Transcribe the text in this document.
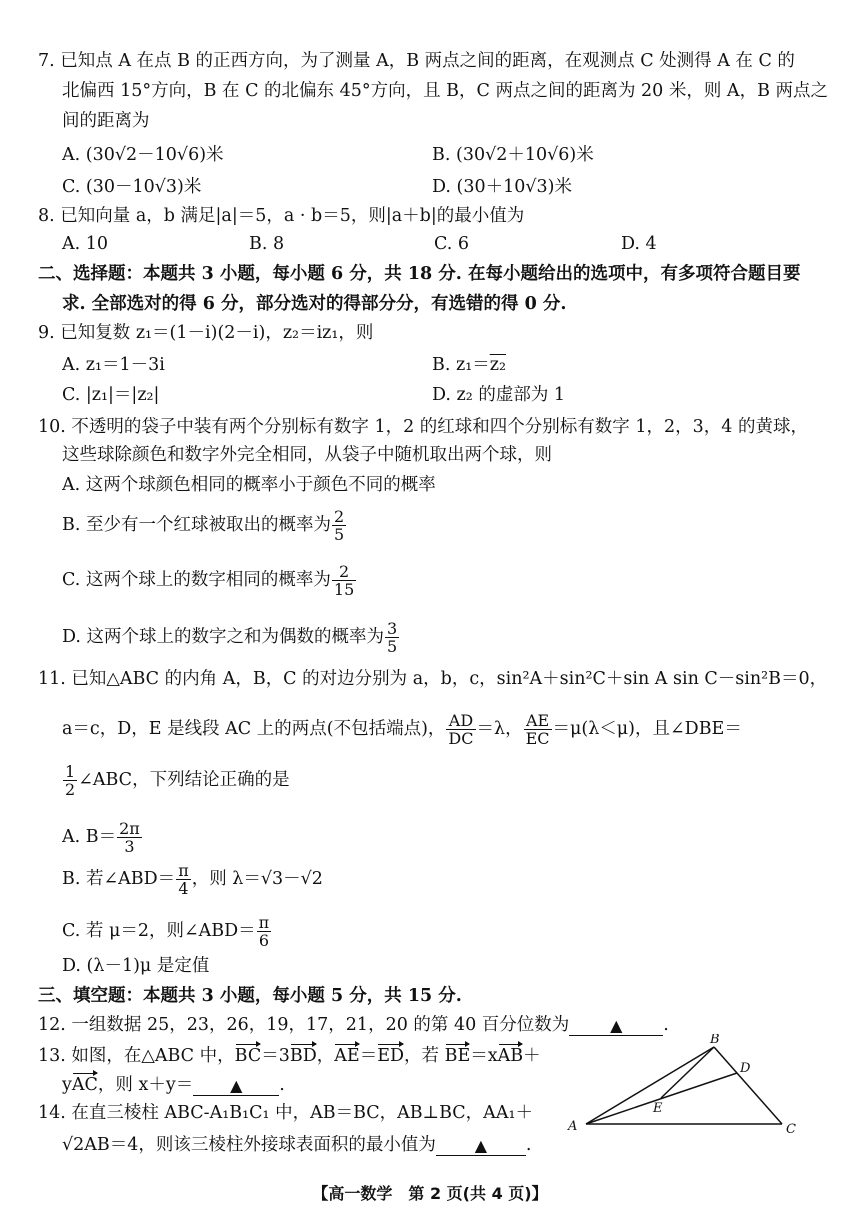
7. 已知点 A 在点 B 的正西方向，为了测量 A，B 两点之间的距离，在观测点 C 处测得 A 在 C 的
北偏西 15°方向，B 在 C 的北偏东 45°方向，且 B，C 两点之间的距离为 20 米，则 A，B 两点之
间的距离为
A. (30√2－10√6)米	B. (30√2＋10√6)米
C. (30－10√3)米	D. (30＋10√3)米
8. 已知向量 a，b 满足|a|＝5，a · b＝5，则|a＋b|的最小值为
A. 10	B. 8	C. 6	D. 4
二、选择题：本题共 3 小题，每小题 6 分，共 18 分. 在每小题给出的选项中，有多项符合题目要
求. 全部选对的得 6 分，部分选对的得部分分，有选错的得 0 分.
9. 已知复数 z₁＝(1－i)(2－i)，z₂＝iz₁，则
A. z₁＝1－3i	B. z₁＝z₂
C. |z₁|＝|z₂|	D. z₂ 的虚部为 1
10. 不透明的袋子中装有两个分别标有数字 1，2 的红球和四个分别标有数字 1，2，3，4 的黄球，
这些球除颜色和数字外完全相同，从袋子中随机取出两个球，则
A. 这两个球颜色相同的概率小于颜色不同的概率
B. 至少有一个红球被取出的概率为 $\frac{2}{5}$
C. 这两个球上的数字相同的概率为 $\frac{2}{15}$
D. 这两个球上的数字之和为偶数的概率为 $\frac{3}{5}$
11. 已知△ABC 的内角 A，B，C 的对边分别为 a，b，c，sin²A＋sin²C＋sin A sin C－sin²B＝0，
a＝c，D，E 是线段 AC 上的两点(不包括端点)， $\frac{AD}{DC} =\lambda$， $\frac{AE}{EC} =\mu(\lambda<\mu)$，且∠DBE＝
$\frac{1}{2}$ ∠ABC，下列结论正确的是
A. $B= \frac{2\pi}{3}$
B. 若∠ABD＝ $\frac{\pi}{4}$ ，则 λ＝√3－√2
C. 若 μ＝2，则∠ABD＝ $\frac{\pi}{6}$
D. (λ－1)μ 是定值
三、填空题：本题共 3 小题，每小题 5 分，共 15 分.
12. 一组数据 25，23，26，19，17，21，20 的第 40 百分位数为	▲ .
13. 如图，在△ABC 中，BC＝3BD，AE＝ED，若 BE＝xAB＋
yAC，则 x＋y＝ ▲ .
14. 在直三棱柱 ABC-A₁B₁C₁ 中，AB＝BC，AB⊥BC，AA₁＋
√2AB＝4，则该三棱柱外接球表面积的最小值为 ▲ .
B
D
E
A	C
【高一数学　第 2 页(共 4 页)】
